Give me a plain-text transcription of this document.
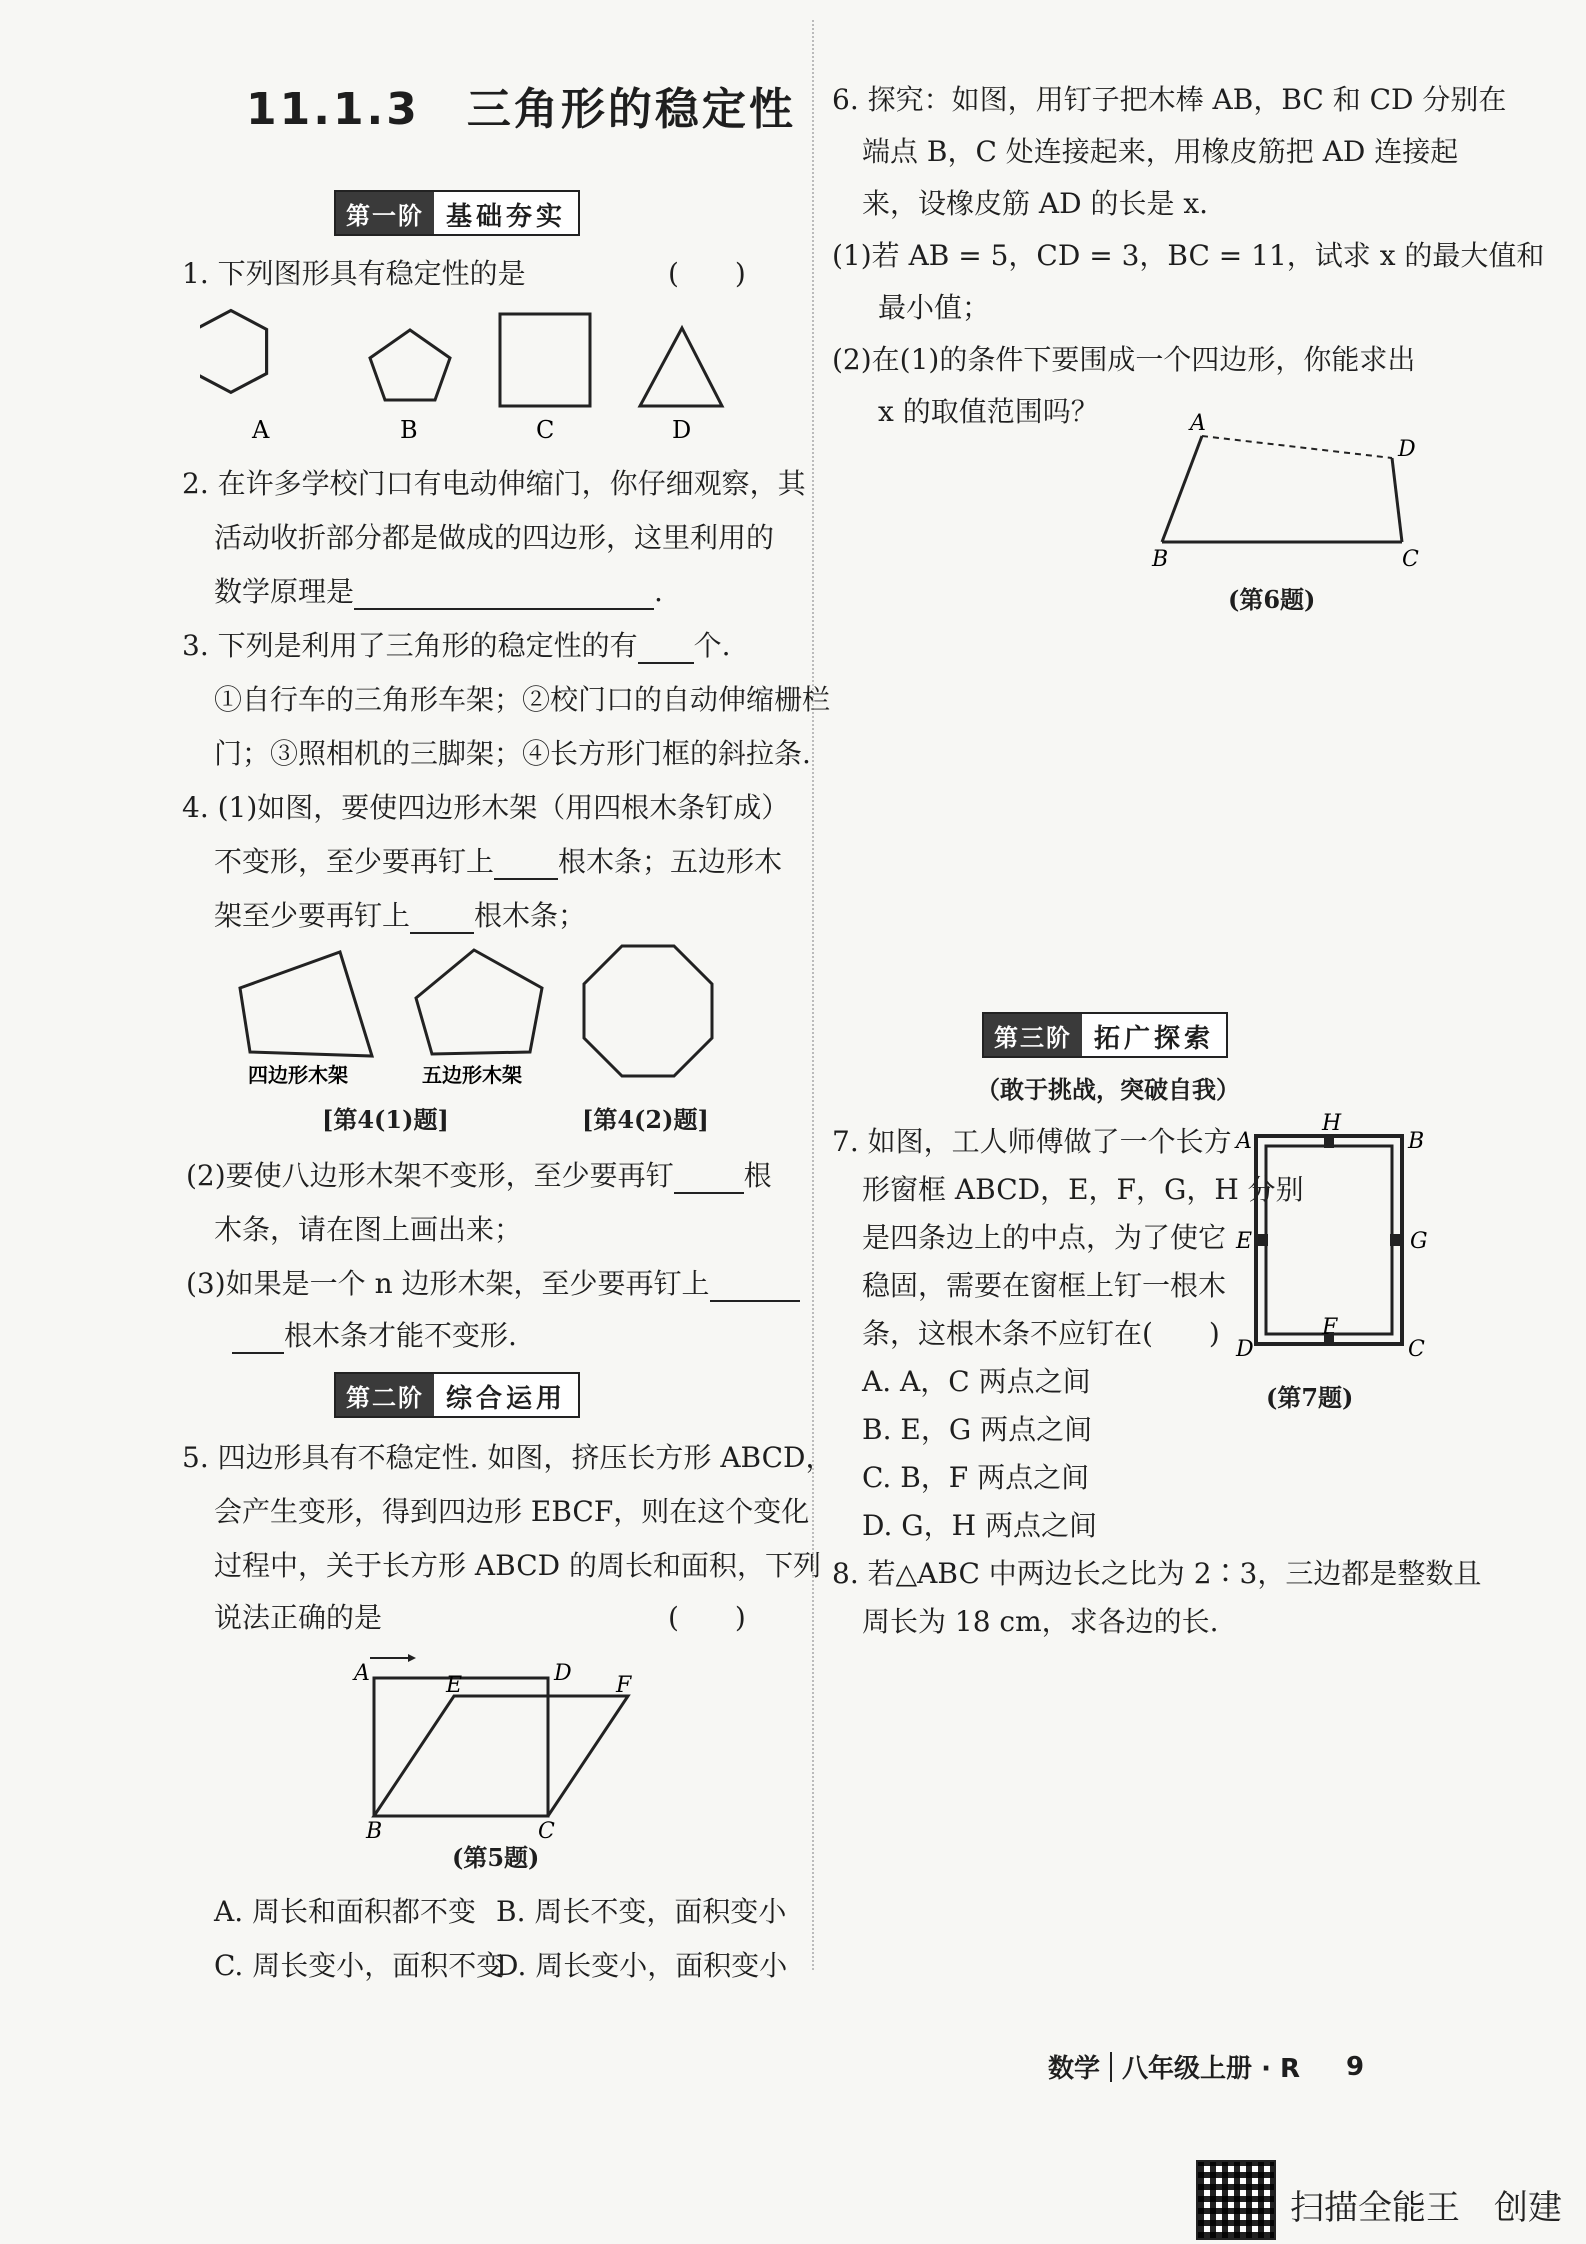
11.1.3　三角形的稳定性
第一阶 基础夯实
1. 下列图形具有稳定性的是	(　　)
A	B	C	D
2. 在许多学校门口有电动伸缩门，你仔细观察，其
活动收折部分都是做成的四边形，这里利用的
数学原理是	.
3. 下列是利用了三角形的稳定性的有 个.
①自行车的三角形车架；②校门口的自动伸缩栅栏
门；③照相机的三脚架；④长方形门框的斜拉条.
4. (1)如图，要使四边形木架（用四根木条钉成）
不变形，至少要再钉上 根木条；五边形木
架至少要再钉上 根木条；
四边形木架	五边形木架
[第4(1)题]	[第4(2)题]
(2)要使八边形木架不变形，至少要再钉	根
木条，请在图上画出来；
(3)如果是一个 n 边形木架，至少要再钉上
根木条才能不变形.
第二阶 综合运用
5. 四边形具有不稳定性. 如图，挤压长方形 ABCD，
会产生变形，得到四边形 EBCF，则在这个变化
过程中，关于长方形 ABCD 的周长和面积，下列
说法正确的是	(　　)
A	D
E	F
B	C
(第5题)
A. 周长和面积都不变 B. 周长不变，面积变小
C. 周长变小，面积不变
D. 周长变小，面积变小
6. 探究：如图，用钉子把木棒 AB，BC 和 CD 分别在
端点 B，C 处连接起来，用橡皮筋把 AD 连接起
来，设橡皮筋 AD 的长是 x.
(1)若 AB = 5，CD = 3，BC = 11，试求 x 的最大值和
最小值；
(2)在(1)的条件下要围成一个四边形，你能求出
x 的取值范围吗？	A
D
B	C
(第6题)
第三阶 拓广探索
（敢于挑战，突破自我）
7. 如图，工人师傅做了一个长方
形窗框 ABCD，E，F，G，H 分别
是四条边上的中点，为了使它
稳固，需要在窗框上钉一根木
条，这根木条不应钉在(　　)
A. A，C 两点之间
B. E，G 两点之间
C. B，F 两点之间
D. G，H 两点之间
A
H
B
E	G
D
F
C
(第7题)
8. 若△ABC 中两边长之比为 2∶3，三边都是整数且
周长为 18 cm，求各边的长.
数学 八年级上册 · R 9
扫描全能王　创建
